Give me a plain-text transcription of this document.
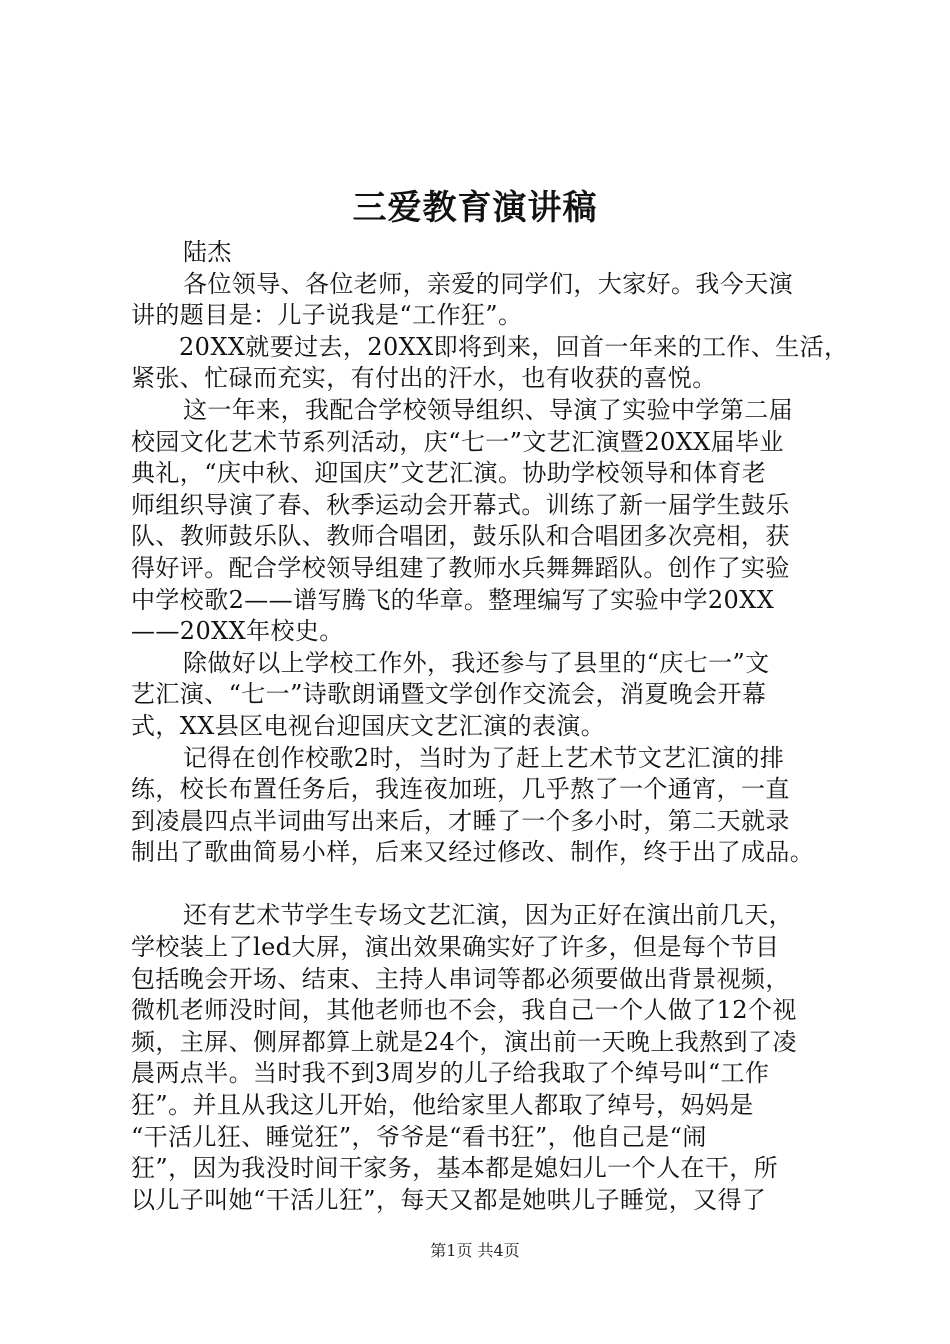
三爱教育演讲稿
陆杰
各位领导、各位老师，亲爱的同学们，大家好。我今天演
讲的题目是：儿子说我是“工作狂”。
20XX就要过去，20XX即将到来，回首一年来的工作、生活，
紧张、忙碌而充实，有付出的汗水，也有收获的喜悦。
这一年来，我配合学校领导组织、导演了实验中学第二届
校园文化艺术节系列活动，庆“七一”文艺汇演暨20XX届毕业
典礼，“庆中秋、迎国庆”文艺汇演。协助学校领导和体育老
师组织导演了春、秋季运动会开幕式。训练了新一届学生鼓乐
队、教师鼓乐队、教师合唱团，鼓乐队和合唱团多次亮相，获
得好评。配合学校领导组建了教师水兵舞舞蹈队。创作了实验
中学校歌2——谱写腾飞的华章。整理编写了实验中学20XX
——20XX年校史。
除做好以上学校工作外，我还参与了县里的“庆七一”文
艺汇演、“七一”诗歌朗诵暨文学创作交流会，消夏晚会开幕
式，XX县区电视台迎国庆文艺汇演的表演。
记得在创作校歌2时，当时为了赶上艺术节文艺汇演的排
练，校长布置任务后，我连夜加班，几乎熬了一个通宵，一直
到凌晨四点半词曲写出来后，才睡了一个多小时，第二天就录
制出了歌曲简易小样，后来又经过修改、制作，终于出了成品。
还有艺术节学生专场文艺汇演，因为正好在演出前几天，
学校装上了led大屏，演出效果确实好了许多，但是每个节目
包括晚会开场、结束、主持人串词等都必须要做出背景视频，
微机老师没时间，其他老师也不会，我自己一个人做了12个视
频，主屏、侧屏都算上就是24个，演出前一天晚上我熬到了凌
晨两点半。当时我不到3周岁的儿子给我取了个绰号叫“工作
狂”。并且从我这儿开始，他给家里人都取了绰号，妈妈是
“干活儿狂、睡觉狂”，爷爷是“看书狂”，他自己是“闹
狂”，因为我没时间干家务，基本都是媳妇儿一个人在干，所
以儿子叫她“干活儿狂”，每天又都是她哄儿子睡觉，又得了
第1页 共4页
